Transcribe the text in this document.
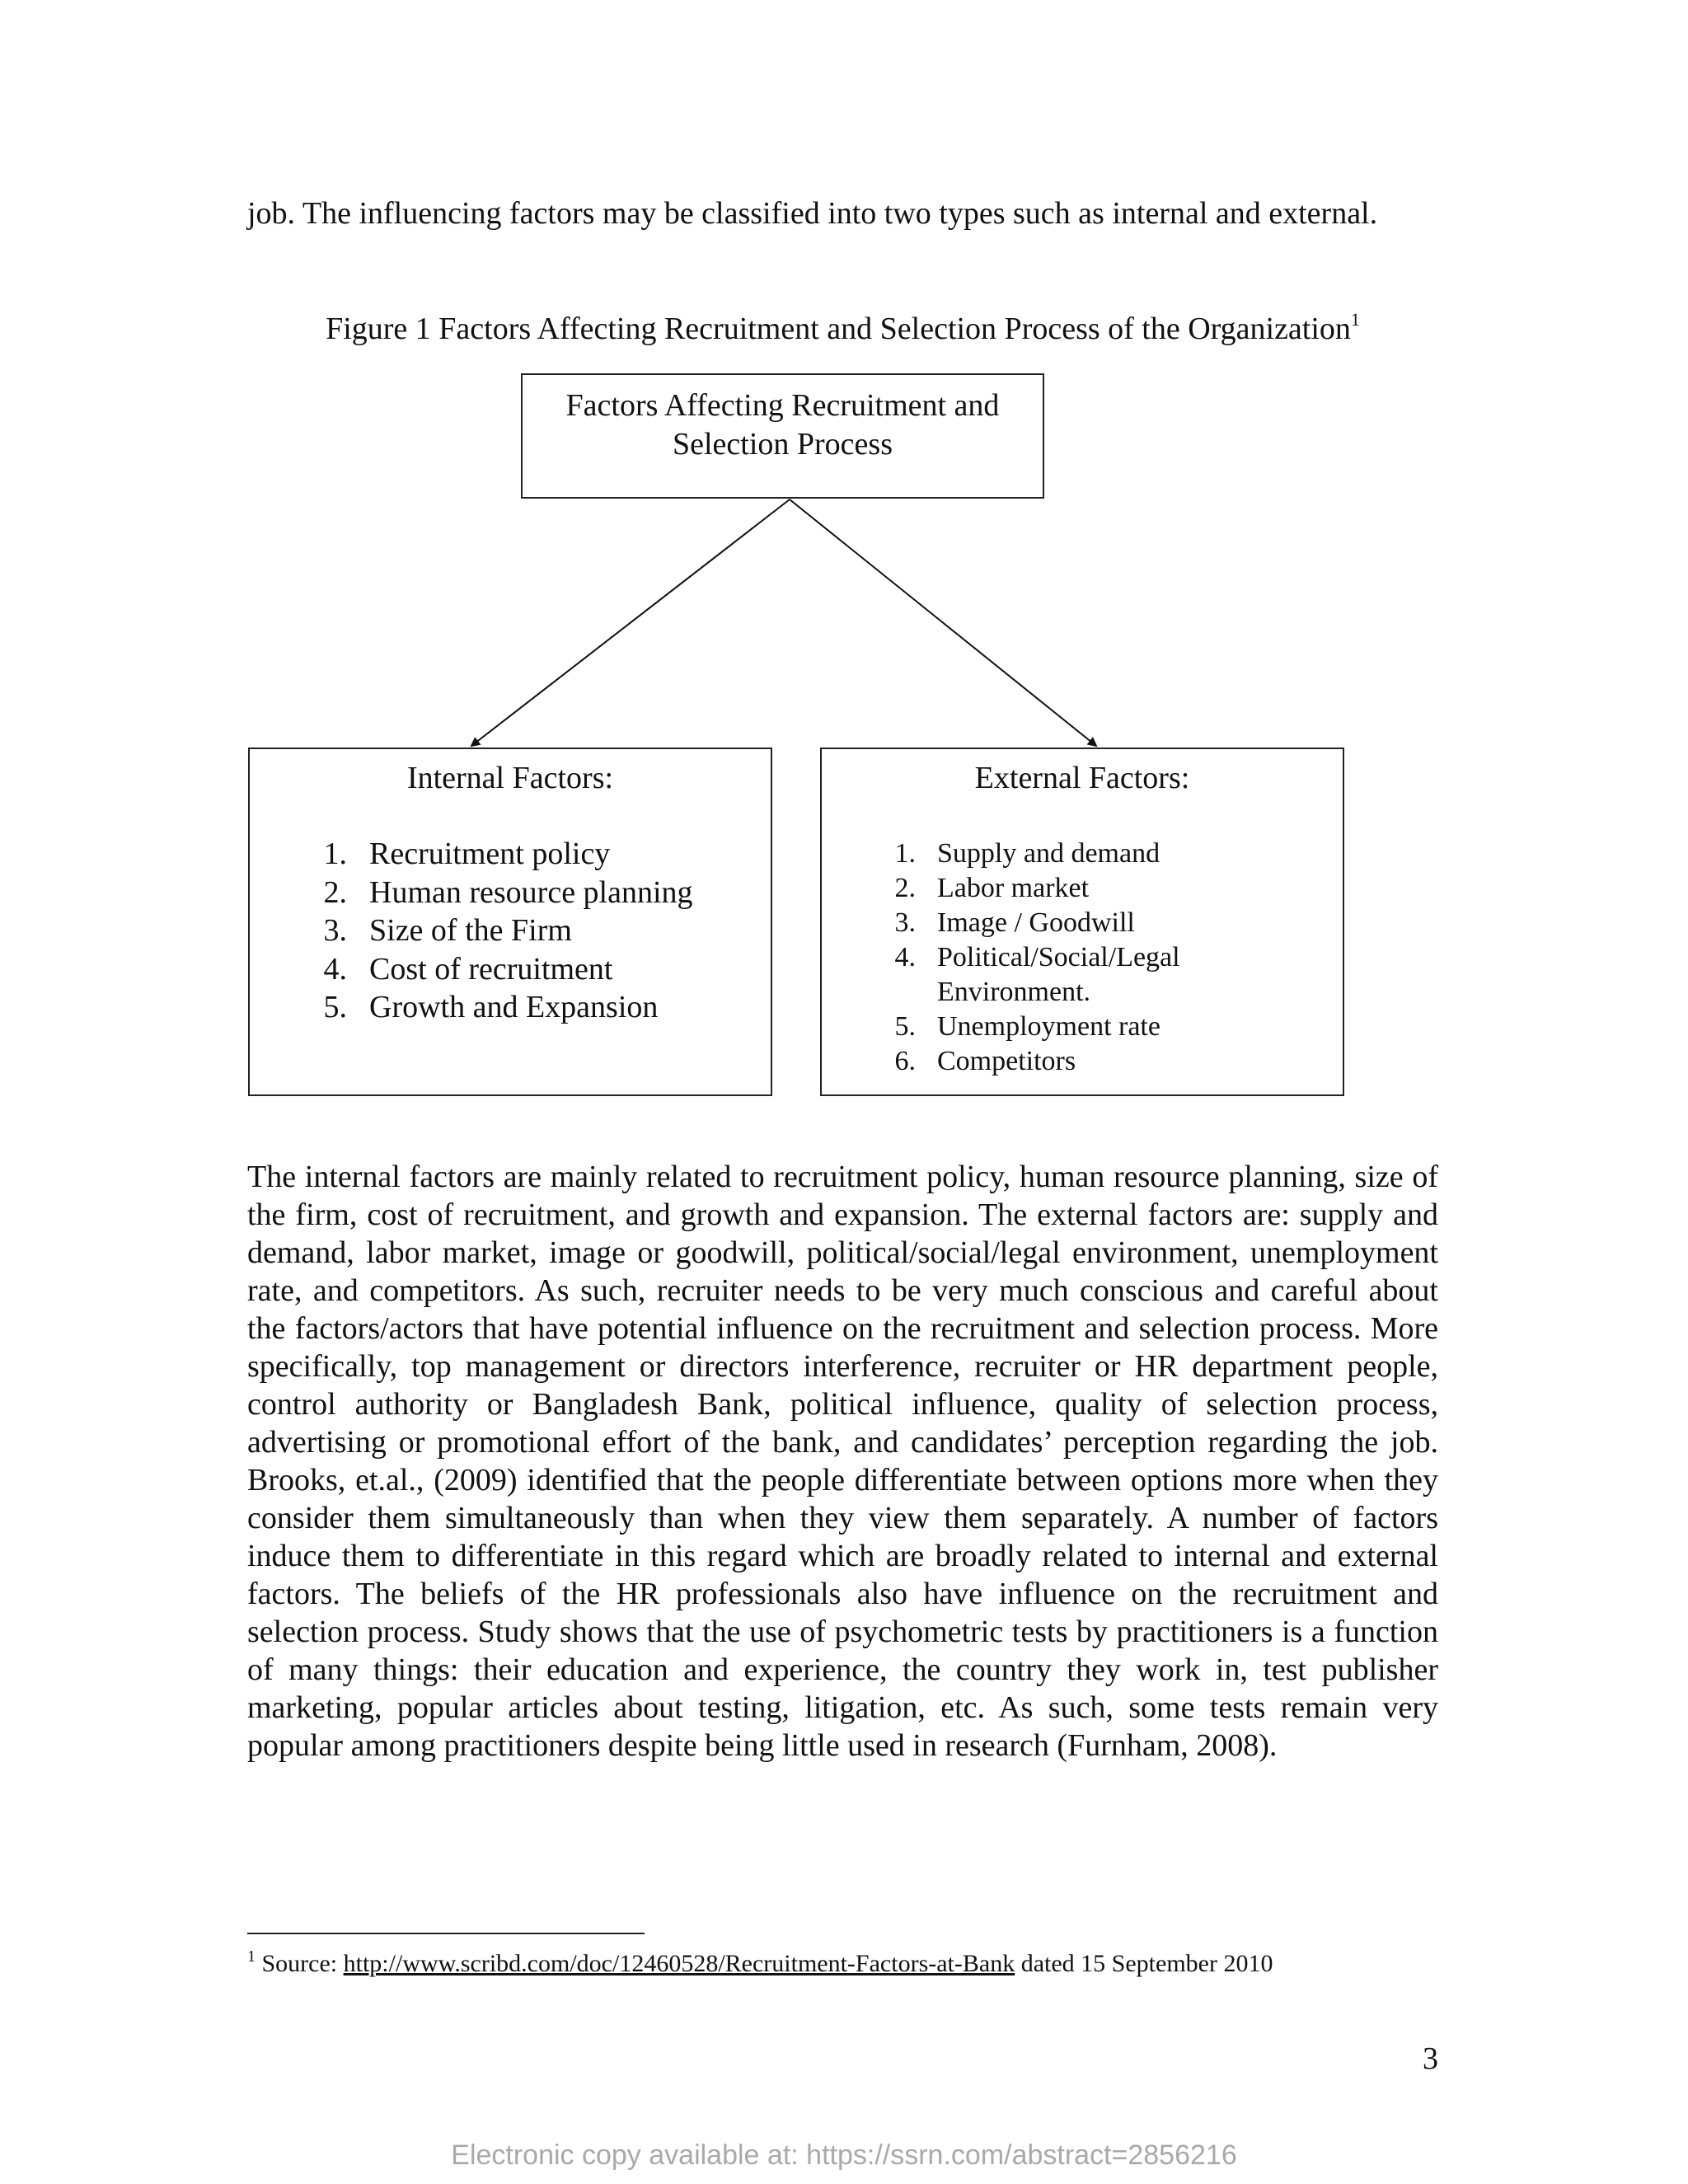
job. The influencing factors may be classified into two types such as internal and external.
Figure 1 Factors Affecting Recruitment and Selection Process of the Organization$^1$
Factors Affecting Recruitment and
Selection Process
Internal Factors:
1. Recruitment policy
2. Human resource planning
3. Size of the Firm
4. Cost of recruitment
5. Growth and Expansion
External Factors:
1. Supply and demand
2. Labor market
3. Image / Goodwill
4. Political/Social/Legal
Environment.
5. Unemployment rate
6. Competitors
The internal factors are mainly related to recruitment policy, human resource planning, size of the firm, cost of recruitment, and growth and expansion. The external factors are: supply and demand, labor market, image or goodwill, political/social/legal environment, unemployment rate, and competitors. As such, recruiter needs to be very much conscious and careful about the factors/actors that have potential influence on the recruitment and selection process. More specifically, top management or directors interference, recruiter or HR department people, control authority or Bangladesh Bank, political influence, quality of selection process, advertising or promotional effort of the bank, and candidates’ perception regarding the job. Brooks, et.al., (2009) identified that the people differentiate between options more when they consider them simultaneously than when they view them separately. A number of factors induce them to differentiate in this regard which are broadly related to internal and external factors. The beliefs of the HR professionals also have influence on the recruitment and selection process. Study shows that the use of psychometric tests by practitioners is a function of many things: their education and experience, the country they work in, test publisher marketing, popular articles about testing, litigation, etc. As such, some tests remain very popular among practitioners despite being little used in research (Furnham, 2008).
$^1$ Source: http://www.scribd.com/doc/12460528/Recruitment-Factors-at-Bank dated 15 September 2010
3
Electronic copy available at: https://ssrn.com/abstract=2856216
